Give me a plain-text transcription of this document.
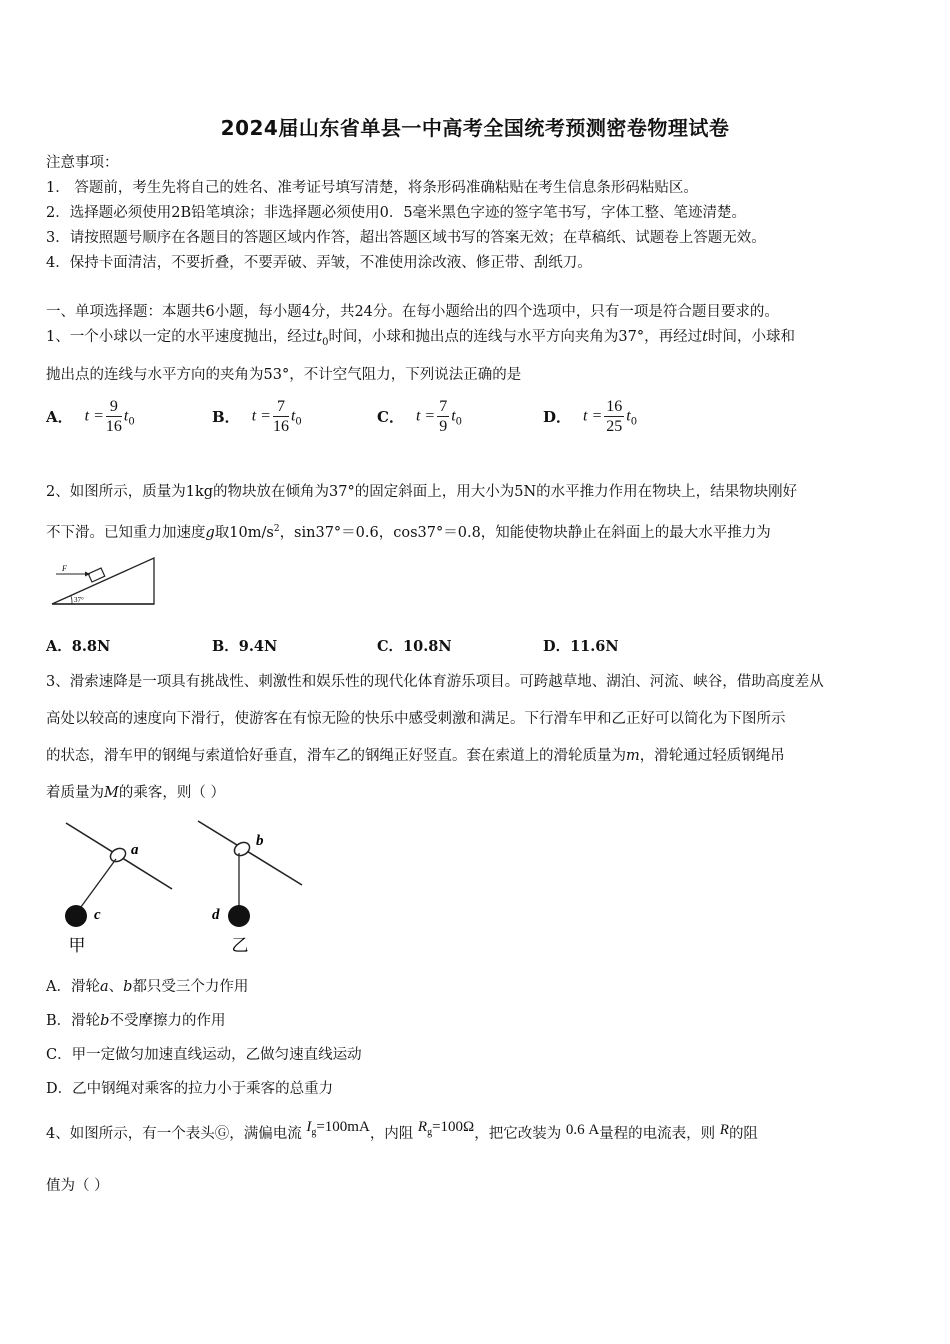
2024届山东省单县一中高考全国统考预测密卷物理试卷
注意事项：
1． 答题前，考生先将自己的姓名、准考证号填写清楚，将条形码准确粘贴在考生信息条形码粘贴区。
2．选择题必须使用2B铅笔填涂；非选择题必须使用0．5毫米黑色字迹的签字笔书写，字体工整、笔迹清楚。
3．请按照题号顺序在各题目的答题区域内作答，超出答题区域书写的答案无效；在草稿纸、试题卷上答题无效。
4．保持卡面清洁，不要折叠，不要弄破、弄皱，不准使用涂改液、修正带、刮纸刀。
一、单项选择题：本题共6小题，每小题4分，共24分。在每小题给出的四个选项中，只有一项是符合题目要求的。
1、一个小球以一定的水平速度抛出，经过$t_0$时间，小球和抛出点的连线与水平方向夹角为37°，再经过t时间，小球和
抛出点的连线与水平方向的夹角为53°，不计空气阻力，下列说法正确的是
A． $t = \frac{9}{16} t_0$	B． $t = \frac{7}{16} t_0$	C． $t = \frac{7}{9} t_0$	D． $t = \frac{16}{25} t_0$
2、如图所示，质量为1kg的物块放在倾角为37°的固定斜面上，用大小为5N的水平推力作用在物块上，结果物块刚好
不下滑。已知重力加速度g取$10m/s^2$，sin37°＝0.6，cos37°＝0.8，知能使物块静止在斜面上的最大水平推力为
F
37°
A．8.8N	B．9.4N	C．10.8N	D．11.6N
3、滑索速降是一项具有挑战性、刺激性和娱乐性的现代化体育游乐项目。可跨越草地、湖泊、河流、峡谷，借助高度差从
高处以较高的速度向下滑行，使游客在有惊无险的快乐中感受刺激和满足。下行滑车甲和乙正好可以简化为下图所示
的状态，滑车甲的钢绳与索道恰好垂直，滑车乙的钢绳正好竖直。套在索道上的滑轮质量为m，滑轮通过轻质钢绳吊
着质量为M的乘客，则（ ）
a
c
甲
b
d
乙
A．滑轮a、b都只受三个力作用
B．滑轮b不受摩擦力的作用
C．甲一定做匀加速直线运动，乙做匀速直线运动
D．乙中钢绳对乘客的拉力小于乘客的总重力
4、如图所示，有一个表头Ⓖ，满偏电流 $I_g=100mA$，内阻 $R_g=100\Omega$，把它改装为 0.6 A量程的电流表，则 R的阻
值为（ ）
